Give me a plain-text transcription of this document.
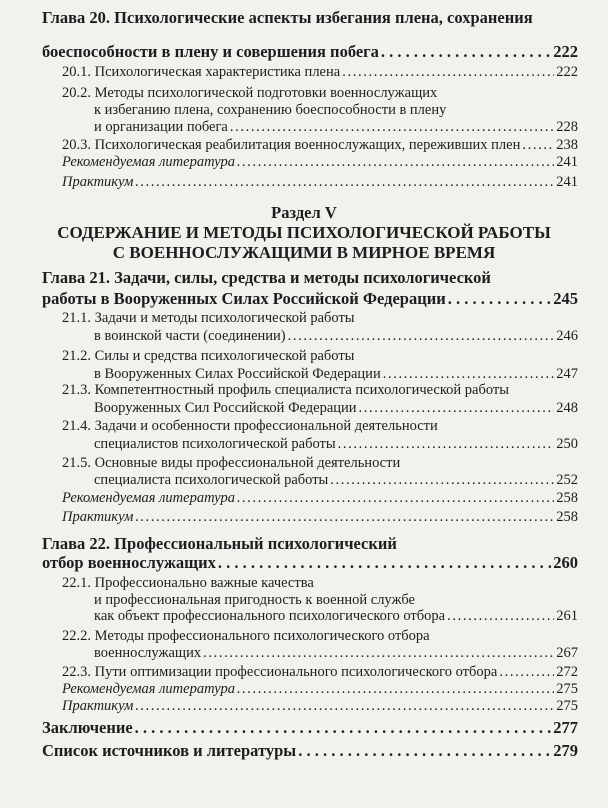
Глава 20. Психологические аспекты избегания плена, сохранения
боеспособности в плену и совершения побега . . .	222
20.1. Психологическая характеристика плена . . .	222
20.2. Методы психологической подготовки военнослужащих
к избеганию плена, сохранению боеспособности в плену
и организации побега . . .	228
20.3. Психологическая реабилитация военнослужащих, переживших плен . . . 238
Рекомендуемая литература . . .	241
Практикум . . .	241
Раздел V
СОДЕРЖАНИЕ И МЕТОДЫ ПСИХОЛОГИЧЕСКОЙ РАБОТЫ
С ВОЕННОСЛУЖАЩИМИ В МИРНОЕ ВРЕМЯ
Глава 21. Задачи, силы, средства и методы психологической
работы в Вооруженных Силах Российской Федерации . . .	245
21.1. Задачи и методы психологической работы
в воинской части (соединении) . . .	246
21.2. Силы и средства психологической работы
в Вооруженных Силах Российской Федерации . . .	247
21.3. Компетентностный профиль специалиста психологической работы
Вооруженных Сил Российской Федерации . . .	248
21.4. Задачи и особенности профессиональной деятельности
специалистов психологической работы . . .	250
21.5. Основные виды профессиональной деятельности
специалиста психологической работы . . .	252
Рекомендуемая литература . . .	258
Практикум . . .	258
Глава 22. Профессиональный психологический
отбор военнослужащих . . .	260
22.1. Профессионально важные качества
и профессиональная пригодность к военной службе
как объект профессионального психологического отбора . . .	261
22.2. Методы профессионального психологического отбора
военнослужащих . . .	267
22.3. Пути оптимизации профессионального психологического отбора . . .	272
Рекомендуемая литература . . .	275
Практикум . . .	275
Заключение . . .	277
Список источников и литературы . . .	279
